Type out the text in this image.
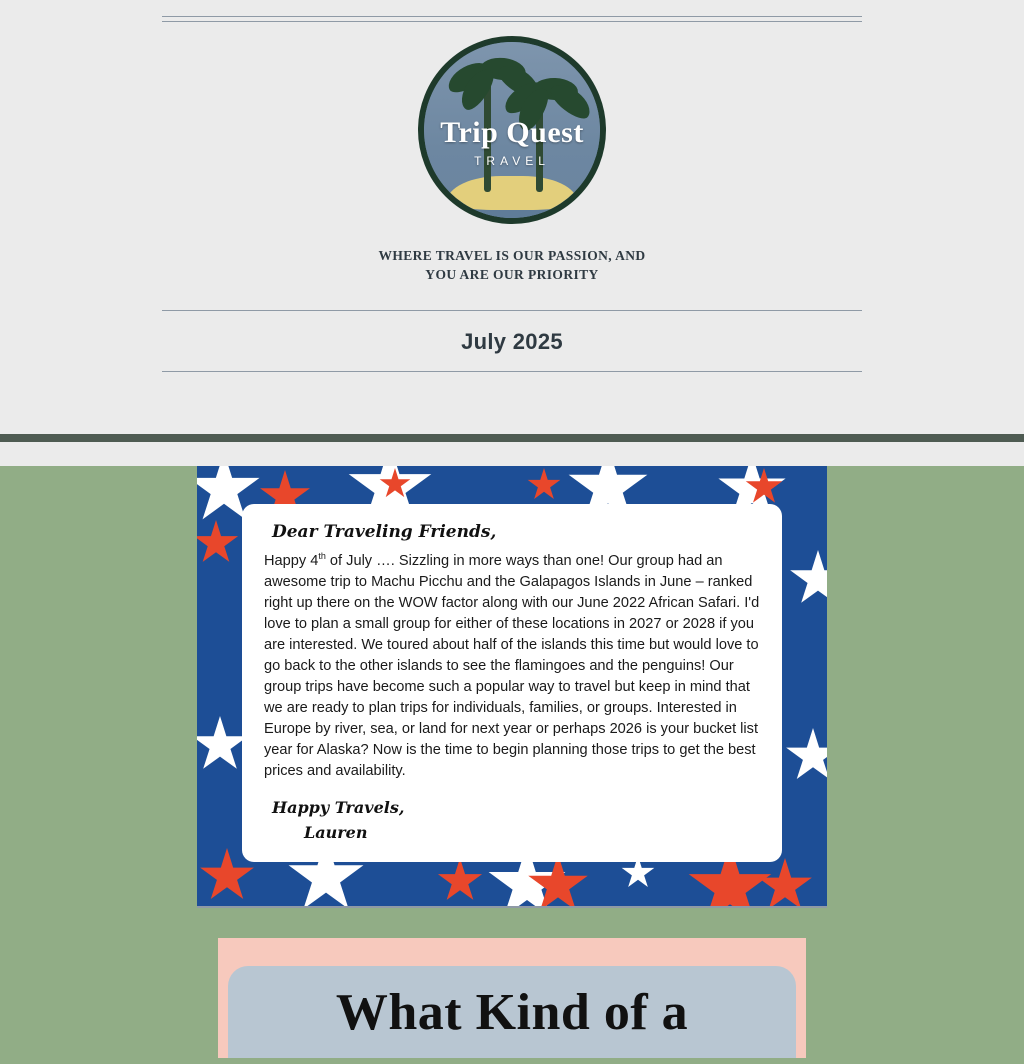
Trip Quest
TRAVEL
WHERE TRAVEL IS OUR PASSION, AND
YOU ARE OUR PRIORITY
July 2025
Dear Traveling Friends,

Happy 4th of July …. Sizzling in more ways than one! Our group had an awesome trip to Machu Picchu and the Galapagos Islands in June – ranked right up there on the WOW factor along with our June 2022 African Safari. I'd love to plan a small group for either of these locations in 2027 or 2028 if you are interested. We toured about half of the islands this time but would love to go back to the other islands to see the flamingoes and the penguins! Our group trips have become such a popular way to travel but keep in mind that we are ready to plan trips for individuals, families, or groups. Interested in Europe by river, sea, or land for next year or perhaps 2026 is your bucket list year for Alaska? Now is the time to begin planning those trips to get the best prices and availability.

Happy Travels,
Lauren
What Kind of a
